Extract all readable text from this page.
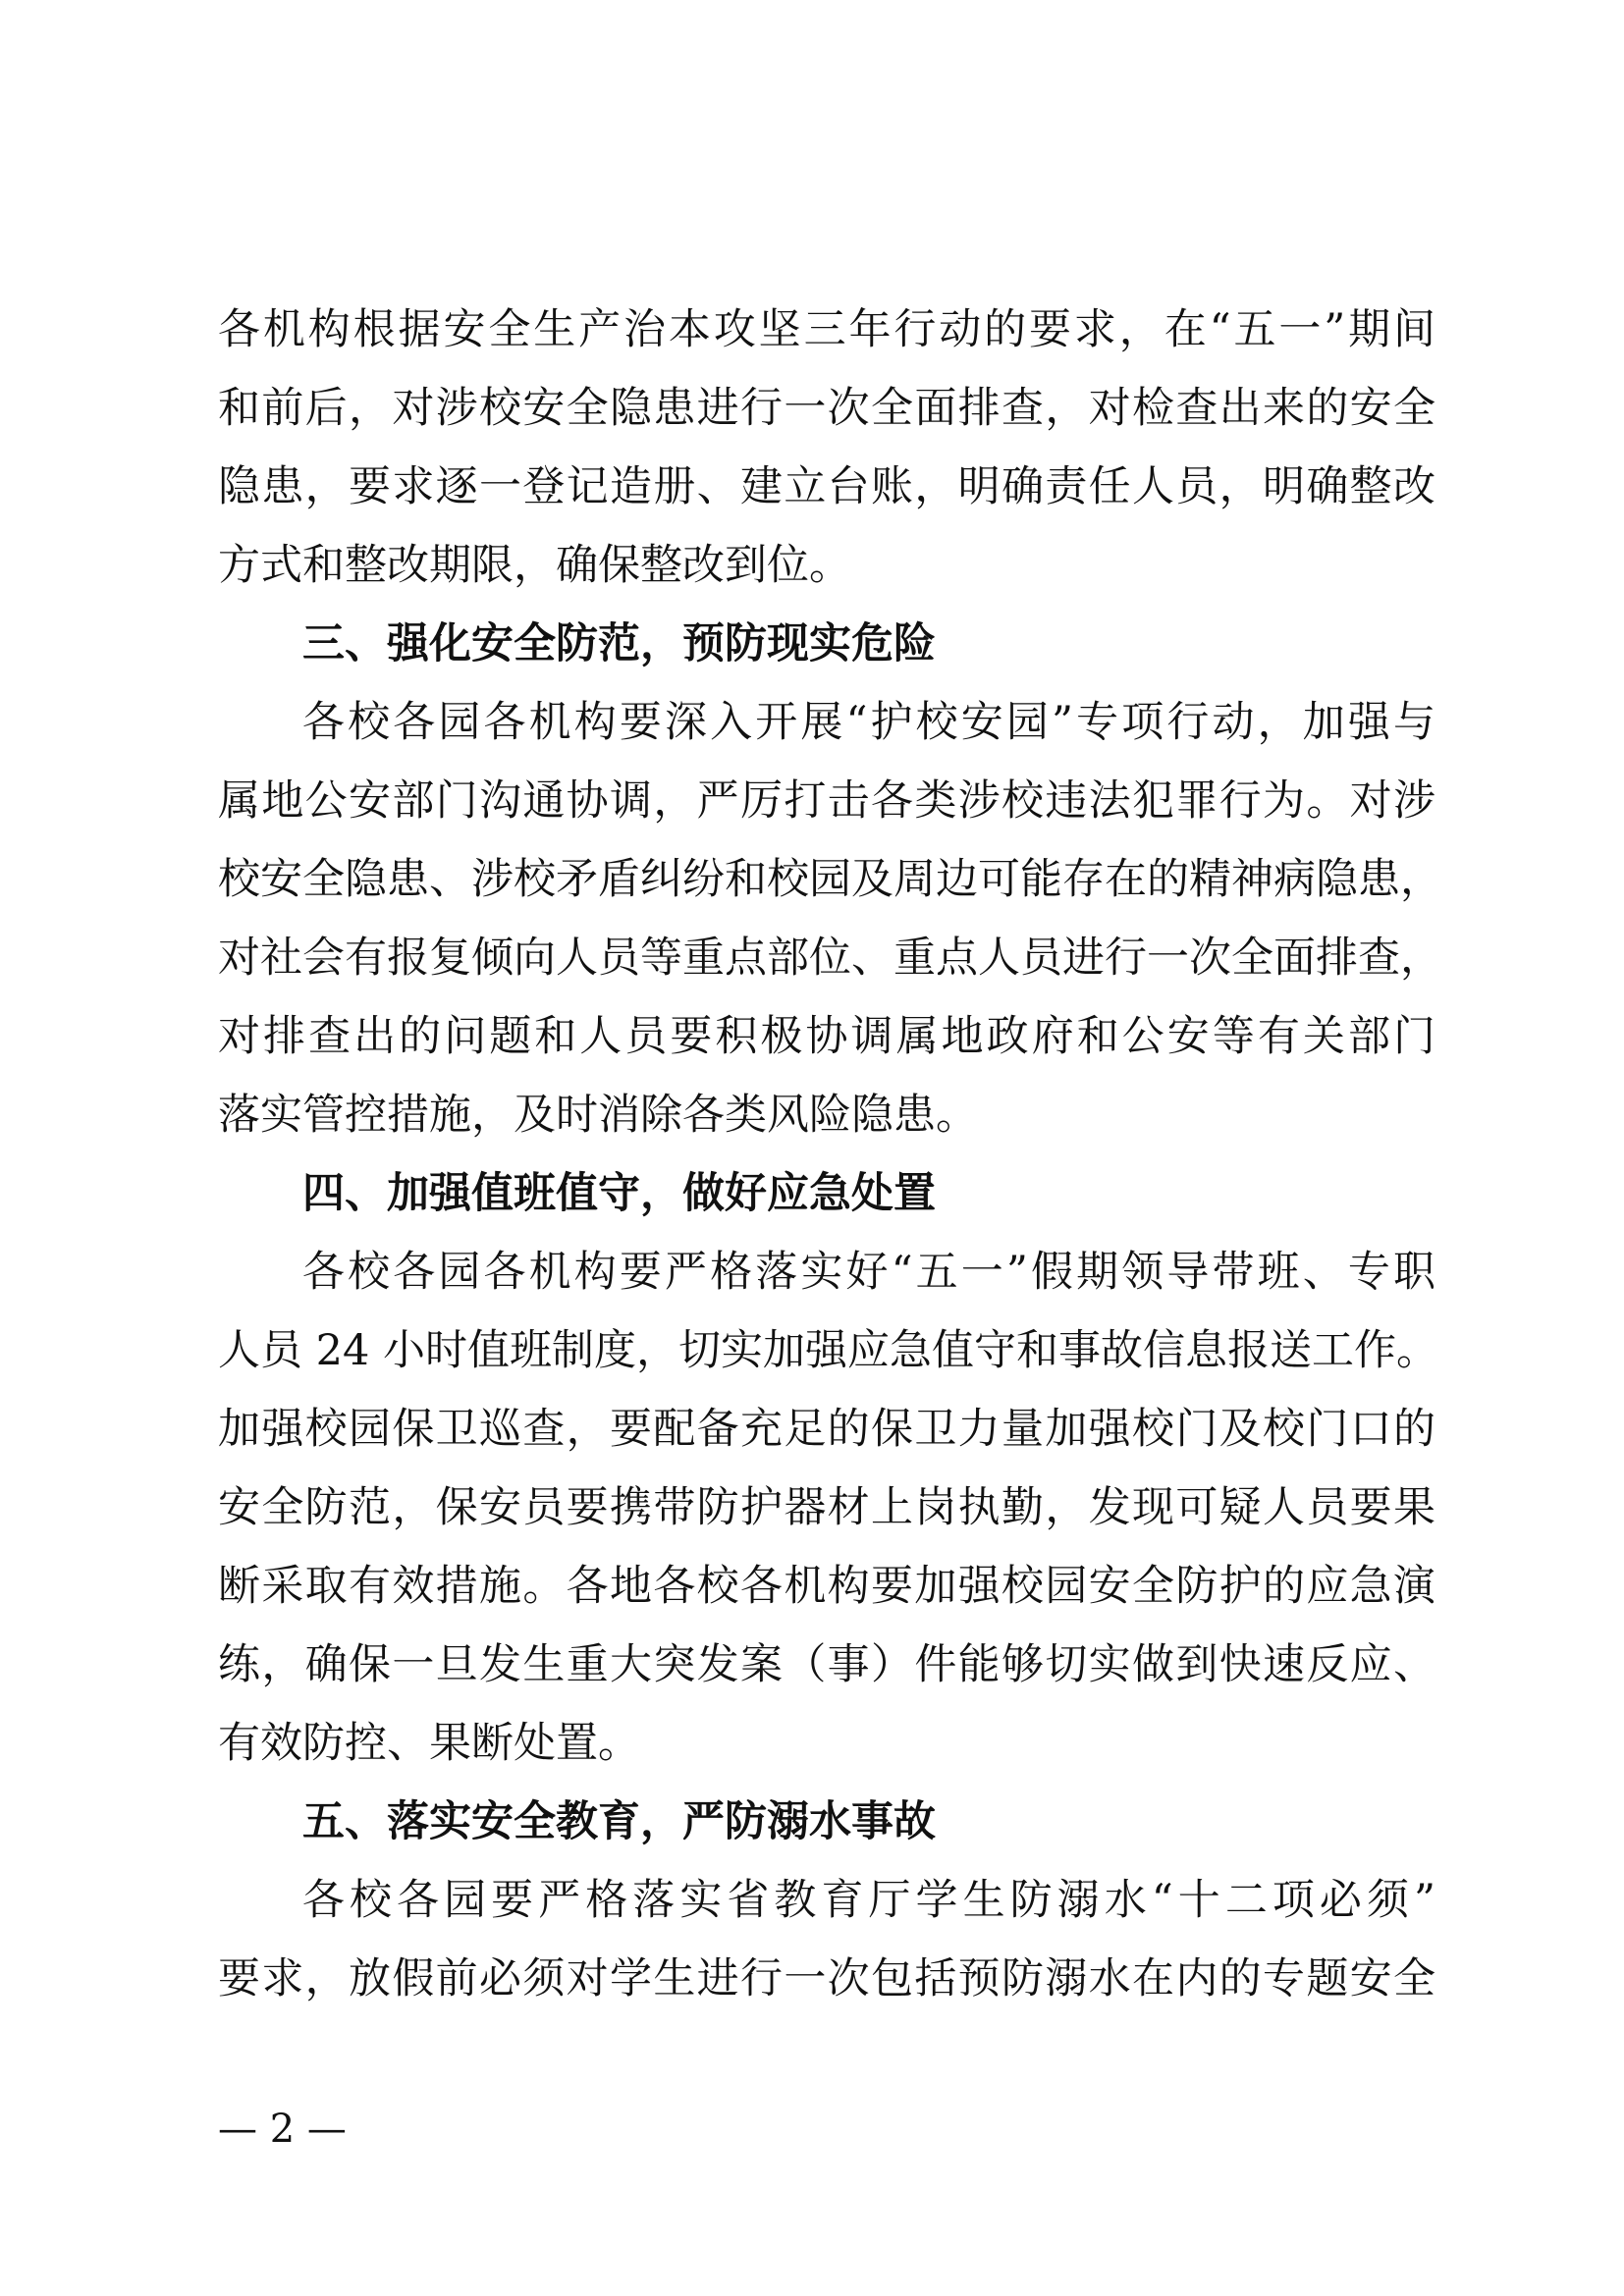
各机构根据安全生产治本攻坚三年行动的要求，在“五一”期间
和前后，对涉校安全隐患进行一次全面排查，对检查出来的安全
隐患，要求逐一登记造册、建立台账，明确责任人员，明确整改
方式和整改期限，确保整改到位。
三、强化安全防范，预防现实危险
各校各园各机构要深入开展“护校安园”专项行动，加强与
属地公安部门沟通协调，严厉打击各类涉校违法犯罪行为。对涉
校安全隐患、涉校矛盾纠纷和校园及周边可能存在的精神病隐患，
对社会有报复倾向人员等重点部位、重点人员进行一次全面排查，
对排查出的问题和人员要积极协调属地政府和公安等有关部门
落实管控措施，及时消除各类风险隐患。
四、加强值班值守，做好应急处置
各校各园各机构要严格落实好“五一”假期领导带班、专职
人员 24 小时值班制度，切实加强应急值守和事故信息报送工作。
加强校园保卫巡查，要配备充足的保卫力量加强校门及校门口的
安全防范，保安员要携带防护器材上岗执勤，发现可疑人员要果
断采取有效措施。各地各校各机构要加强校园安全防护的应急演
练，确保一旦发生重大突发案（事）件能够切实做到快速反应、
有效防控、果断处置。
五、落实安全教育，严防溺水事故
各校各园要严格落实省教育厅学生防溺水“十二项必须”
要求，放假前必须对学生进行一次包括预防溺水在内的专题安全
— 2 —
